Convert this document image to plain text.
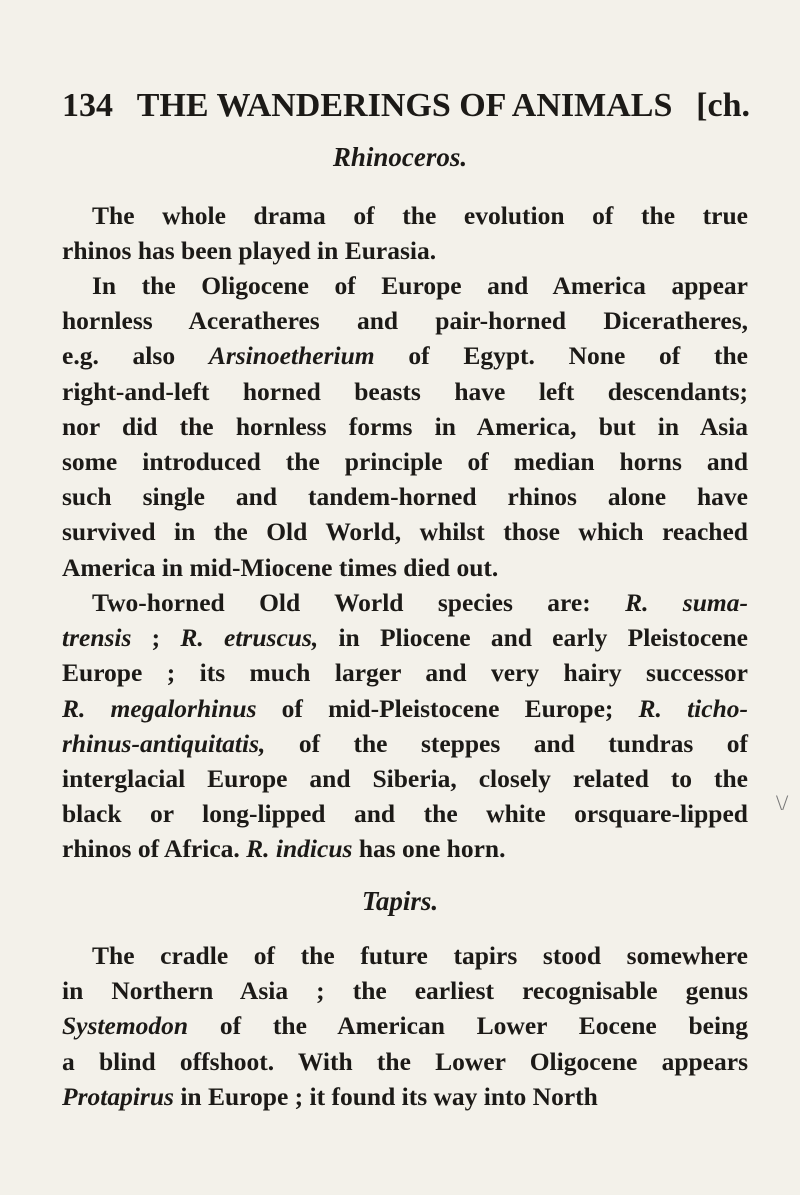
134 THE WANDERINGS OF ANIMALS [ch.
Rhinoceros.

The whole drama of the evolution of the true
rhinos has been played in Eurasia.

In the Oligocene of Europe and America appear
hornless Aceratheres and pair-horned Diceratheres,
e.g. also Arsinoetherium of Egypt. None of the
right-and-left horned beasts have left descendants;
nor did the hornless forms in America, but in Asia
some introduced the principle of median horns and
such single and tandem-horned rhinos alone have
survived in the Old World, whilst those which reached
America in mid-Miocene times died out.

Two-horned Old World species are: R. suma-
trensis ; R. etruscus, in Pliocene and early Pleistocene
Europe ; its much larger and very hairy successor
R. megalorhinus of mid-Pleistocene Europe; R. ticho-
rhinus-antiquitatis, of the steppes and tundras of
interglacial Europe and Siberia, closely related to the
black or long-lipped and the white orsquare-lipped
rhinos of Africa. R. indicus has one horn.

Tapirs.

The cradle of the future tapirs stood somewhere
in Northern Asia ; the earliest recognisable genus
Systemodon of the American Lower Eocene being
a blind offshoot. With the Lower Oligocene appears
Protapirus in Europe ; it found its way into North

\/
